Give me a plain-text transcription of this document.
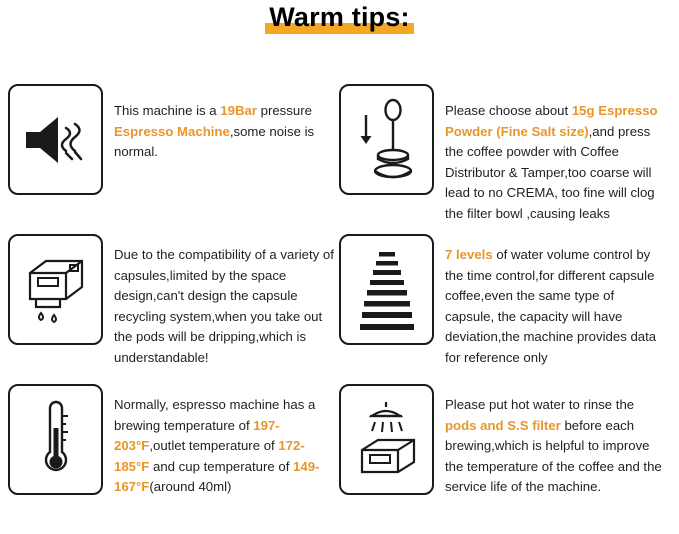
Warm tips:
This machine is a 19Bar pressure Espresso Machine,some noise is normal.
Please choose about 15g Espresso Powder (Fine Salt size),and press the coffee powder with Coffee Distributor & Tamper,too coarse will lead to no CREMA, too fine will clog the filter bowl ,causing leaks
Due to the compatibility of a variety of capsules,limited by the space design,can't design the capsule recycling system,when you take out the pods will be dripping,which is understandable!
7 levels of water volume control by the time control,for different capsule coffee,even the same type of capsule, the capacity will have deviation,the machine provides data for reference only
Normally, espresso machine has a brewing temperature of 197-203°F,outlet temperature of 172-185°F and cup temperature of 149-167°F(around 40ml)
Please put hot water to rinse the pods and S.S filter before each brewing,which is helpful to improve the temperature of the coffee and the service life of the machine.
